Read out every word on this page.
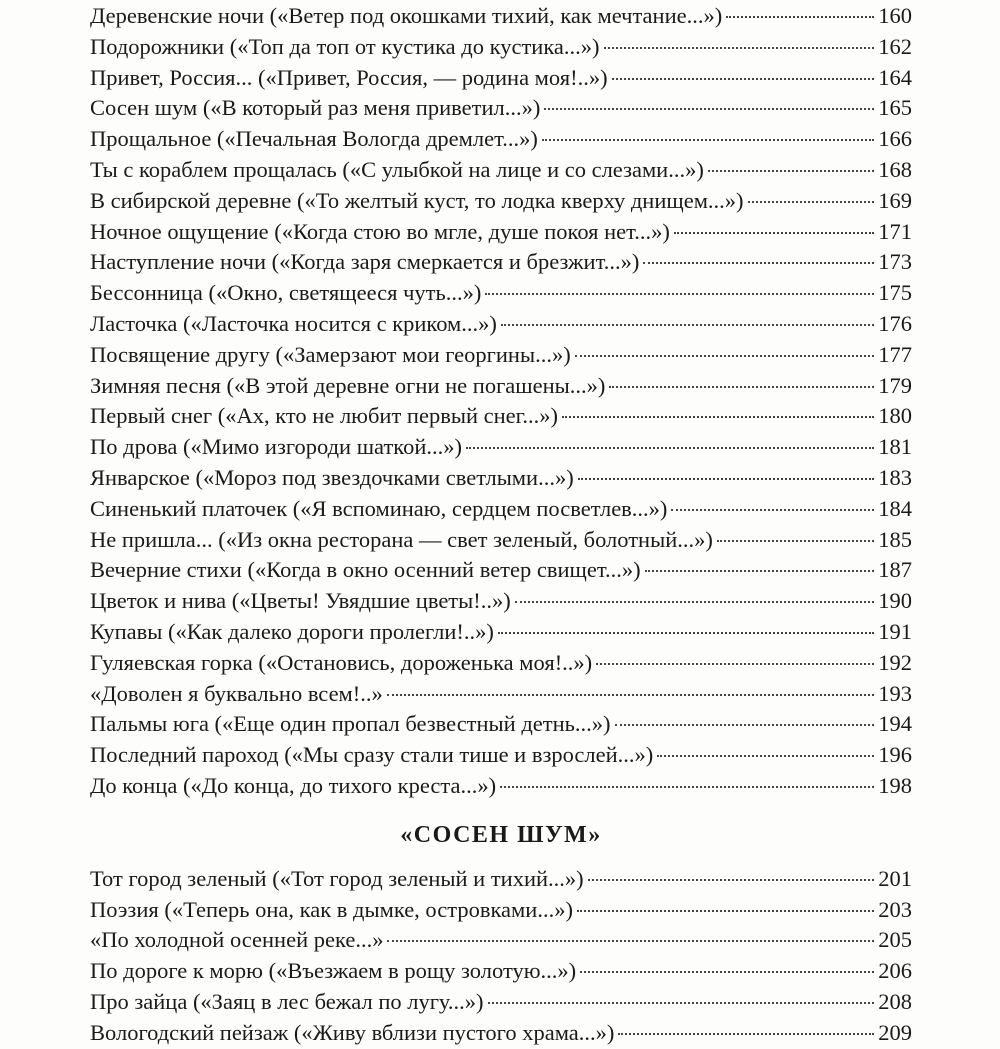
Деревенские ночи («Ветер под окошками тихий, как мечтание...»)	160
Подорожники («Топ да топ от кустика до кустика...»)	162
Привет, Россия... («Привет, Россия, — родина моя!..»)	164
Сосен шум («В который раз меня приветил...»)	165
Прощальное («Печальная Вологда дремлет...»)	166
Ты с кораблем прощалась («С улыбкой на лице и со слезами...»)	168
В сибирской деревне («То желтый куст, то лодка кверху днищем...»)	169
Ночное ощущение («Когда стою во мгле, душе покоя нет...»)	171
Наступление ночи («Когда заря смеркается и брезжит...»)	173
Бессонница («Окно, светящееся чуть...»)	175
Ласточка («Ласточка носится с криком...»)	176
Посвящение другу («Замерзают мои георгины...»)	177
Зимняя песня («В этой деревне огни не погашены...»)	179
Первый снег («Ах, кто не любит первый снег...»)	180
По дрова («Мимо изгороди шаткой...»)	181
Январское («Мороз под звездочками светлыми...»)	183
Синенький платочек («Я вспоминаю, сердцем посветлев...»)	184
Не пришла... («Из окна ресторана — свет зеленый, болотный...»)	185
Вечерние стихи («Когда в окно осенний ветер свищет...»)	187
Цветок и нива («Цветы! Увядшие цветы!..»)	190
Купавы («Как далеко дороги пролегли!..»)	191
Гуляевская горка («Остановись, дороженька моя!..»)	192
«Доволен я буквально всем!..»	193
Пальмы юга («Еще один пропал безвестный детнь...»)	194
Последний пароход («Мы сразу стали тише и взрослей...»)	196
До конца («До конца, до тихого креста...»)	198
«СОСЕН ШУМ»
Тот город зеленый («Тот город зеленый и тихий...»)	201
Поэзия («Теперь она, как в дымке, островками...»)	203
«По холодной осенней реке...»	205
По дороге к морю («Въезжаем в рощу золотую...»)	206
Про зайца («Заяц в лес бежал по лугу...»)	208
Вологодский пейзаж («Живу вблизи пустого храма...»)	209
